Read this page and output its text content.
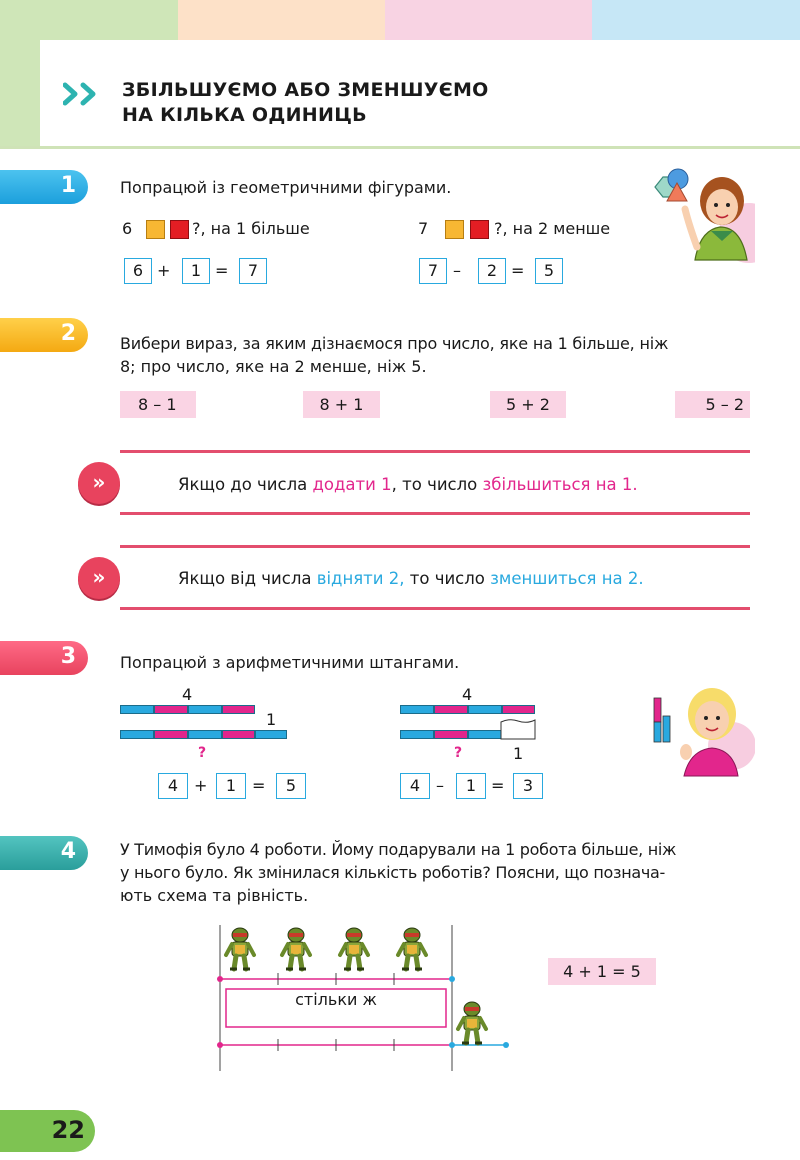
ЗБІЛЬШУЄМО АБО ЗМЕНШУЄМО
НА КІЛЬКА ОДИНИЦЬ
1	Попрацюй із геометричними фігурами.
6	?, на 1 більше	7	?, на 2 менше
6 +	1 =	7	7 –	2 =	5
2	Вибери вираз, за яким дізнаємося про число, яке на 1 більше, ніж
8; про число, яке на 2 менше, ніж 5.
8 – 1	8 + 1	5 + 2	5 – 2
»	Якщо до числа додати 1, то число збільшиться на 1.
»	Якщо від числа відняти 2, то число зменшиться на 2.
3	Попрацюй з арифметичними штангами.
4
1
?
4 +	1 =	5
4
?	1
4 –	1 =	3
4	У Тимофія було 4 роботи. Йому подарували на 1 робота більше, ніж
у нього було. Як змінилася кількість роботів? Поясни, що познача-
ють схема та рівність.
стільки ж
4 + 1 = 5
22
